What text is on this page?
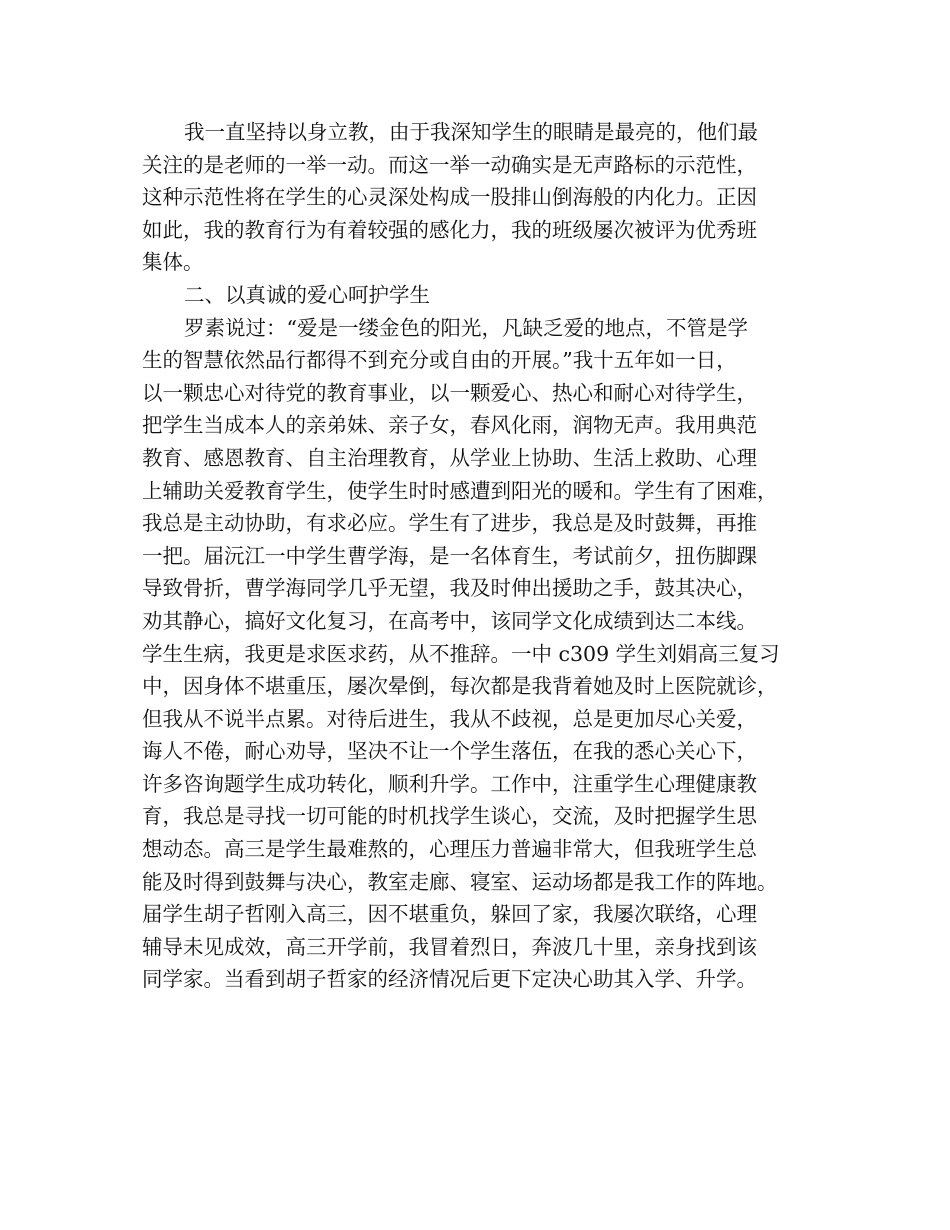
我一直坚持以身立教，由于我深知学生的眼睛是最亮的，他们最
关注的是老师的一举一动。而这一举一动确实是无声路标的示范性，
这种示范性将在学生的心灵深处构成一股排山倒海般的内化力。正因
如此，我的教育行为有着较强的感化力，我的班级屡次被评为优秀班
集体。
二、以真诚的爱心呵护学生
罗素说过：“爱是一缕金色的阳光，凡缺乏爱的地点，不管是学
生的智慧依然品行都得不到充分或自由的开展。”我十五年如一日，
以一颗忠心对待党的教育事业，以一颗爱心、热心和耐心对待学生，
把学生当成本人的亲弟妹、亲子女，春风化雨，润物无声。我用典范
教育、感恩教育、自主治理教育，从学业上协助、生活上救助、心理
上辅助关爱教育学生，使学生时时感遭到阳光的暖和。学生有了困难，
我总是主动协助，有求必应。学生有了进步，我总是及时鼓舞，再推
一把。届沅江一中学生曹学海，是一名体育生，考试前夕，扭伤脚踝
导致骨折，曹学海同学几乎无望，我及时伸出援助之手，鼓其决心，
劝其静心，搞好文化复习，在高考中，该同学文化成绩到达二本线。
学生生病，我更是求医求药，从不推辞。一中 c309 学生刘娟高三复习
中，因身体不堪重压，屡次晕倒，每次都是我背着她及时上医院就诊，
但我从不说半点累。对待后进生，我从不歧视，总是更加尽心关爱，
诲人不倦，耐心劝导，坚决不让一个学生落伍，在我的悉心关心下，
许多咨询题学生成功转化，顺利升学。工作中，注重学生心理健康教
育，我总是寻找一切可能的时机找学生谈心，交流，及时把握学生思
想动态。高三是学生最难熬的，心理压力普遍非常大，但我班学生总
能及时得到鼓舞与决心，教室走廊、寝室、运动场都是我工作的阵地。
届学生胡子哲刚入高三，因不堪重负，躲回了家，我屡次联络，心理
辅导未见成效，高三开学前，我冒着烈日，奔波几十里，亲身找到该
同学家。当看到胡子哲家的经济情况后更下定决心助其入学、升学。
